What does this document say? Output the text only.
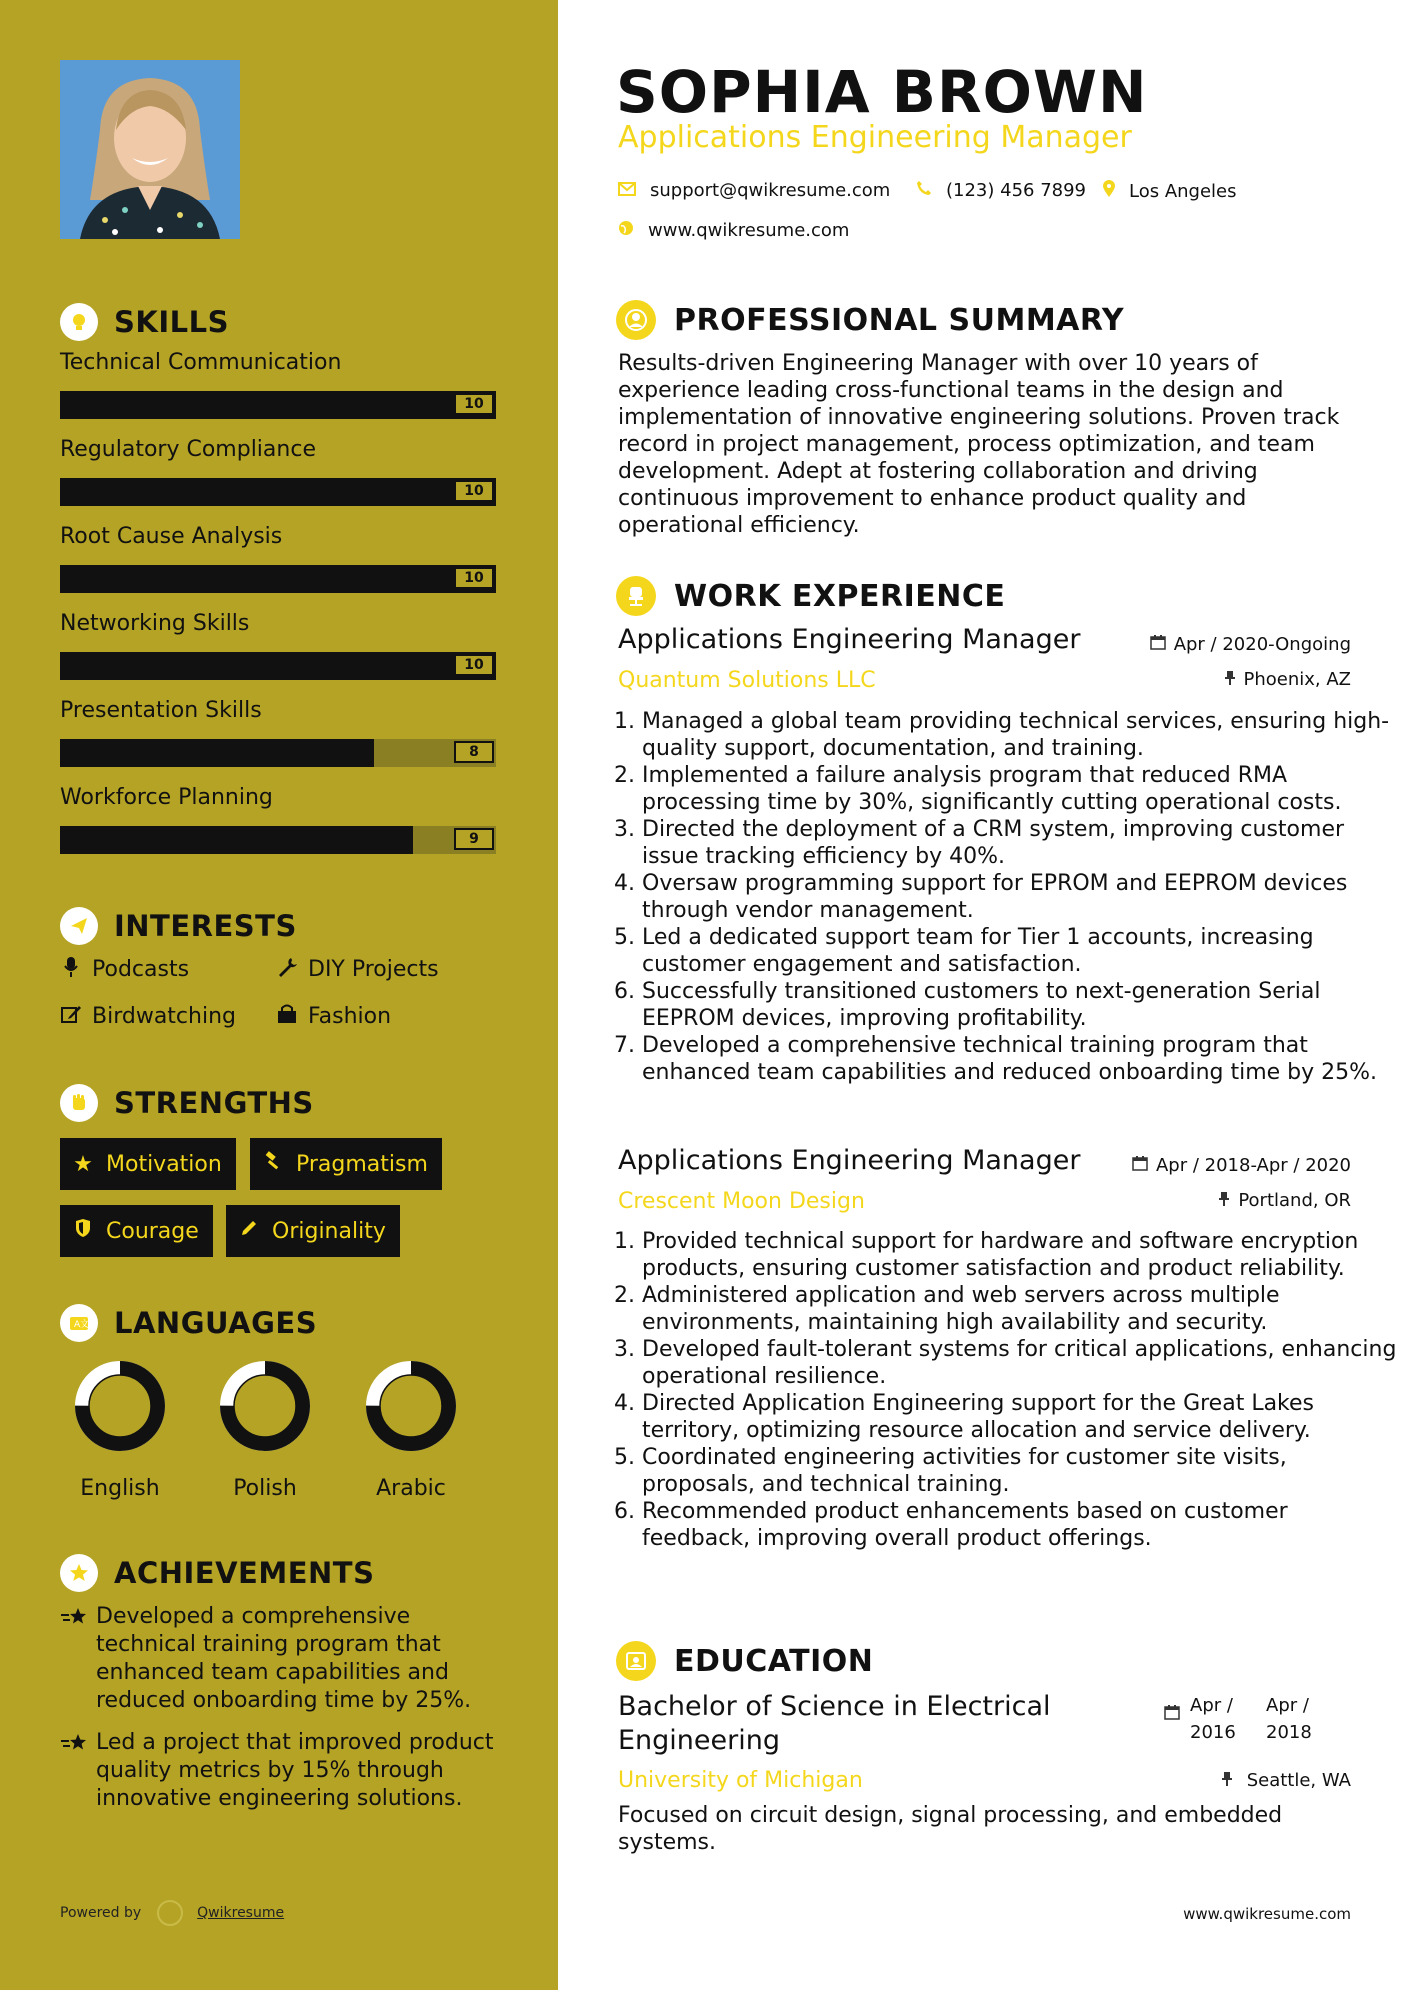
SKILLS
Technical Communication
10
Regulatory Compliance
10
Root Cause Analysis
10
Networking Skills
10
Presentation Skills
8
Workforce Planning
9
INTERESTS
Podcasts	DIY Projects
Birdwatching	Fashion
STRENGTHS
★ Motivation	Pragmatism
Courage	Originality
A 文 LANGUAGES
English	Polish	Arabic
ACHIEVEMENTS
Developed a comprehensive technical training program that enhanced team capabilities and reduced onboarding time by 25%.
Led a project that improved product quality metrics by 15% through innovative engineering solutions.
Powered by	Qwikresume
SOPHIA BROWN
Applications Engineering Manager
support@qwikresume.com	(123) 456 7899 Los Angeles
www.qwikresume.com
PROFESSIONAL SUMMARY
Results-driven Engineering Manager with over 10 years of experience leading cross-functional teams in the design and implementation of innovative engineering solutions. Proven track record in project management, process optimization, and team development. Adept at fostering collaboration and driving continuous improvement to enhance product quality and operational efficiency.
WORK EXPERIENCE
Applications Engineering Manager	Apr / 2020-Ongoing
Quantum Solutions LLC	Phoenix, AZ
1. Managed a global team providing technical services, ensuring high-quality support, documentation, and training.
2. Implemented a failure analysis program that reduced RMA processing time by 30%, significantly cutting operational costs.
3. Directed the deployment of a CRM system, improving customer issue tracking efficiency by 40%.
4. Oversaw programming support for EPROM and EEPROM devices through vendor management.
5. Led a dedicated support team for Tier 1 accounts, increasing customer engagement and satisfaction.
6. Successfully transitioned customers to next-generation Serial EEPROM devices, improving profitability.
7. Developed a comprehensive technical training program that enhanced team capabilities and reduced onboarding time by 25%.
Applications Engineering Manager	Apr / 2018-Apr / 2020
Crescent Moon Design	Portland, OR
1. Provided technical support for hardware and software encryption products, ensuring customer satisfaction and product reliability.
2. Administered application and web servers across multiple environments, maintaining high availability and security.
3. Developed fault-tolerant systems for critical applications, enhancing operational resilience.
4. Directed Application Engineering support for the Great Lakes territory, optimizing resource allocation and service delivery.
5. Coordinated engineering activities for customer site visits, proposals, and technical training.
6. Recommended product enhancements based on customer feedback, improving overall product offerings.
EDUCATION
Bachelor of Science in Electrical Engineering
Apr /
2016
Apr /
2018
University of Michigan	Seattle, WA
Focused on circuit design, signal processing, and embedded systems.
www.qwikresume.com
